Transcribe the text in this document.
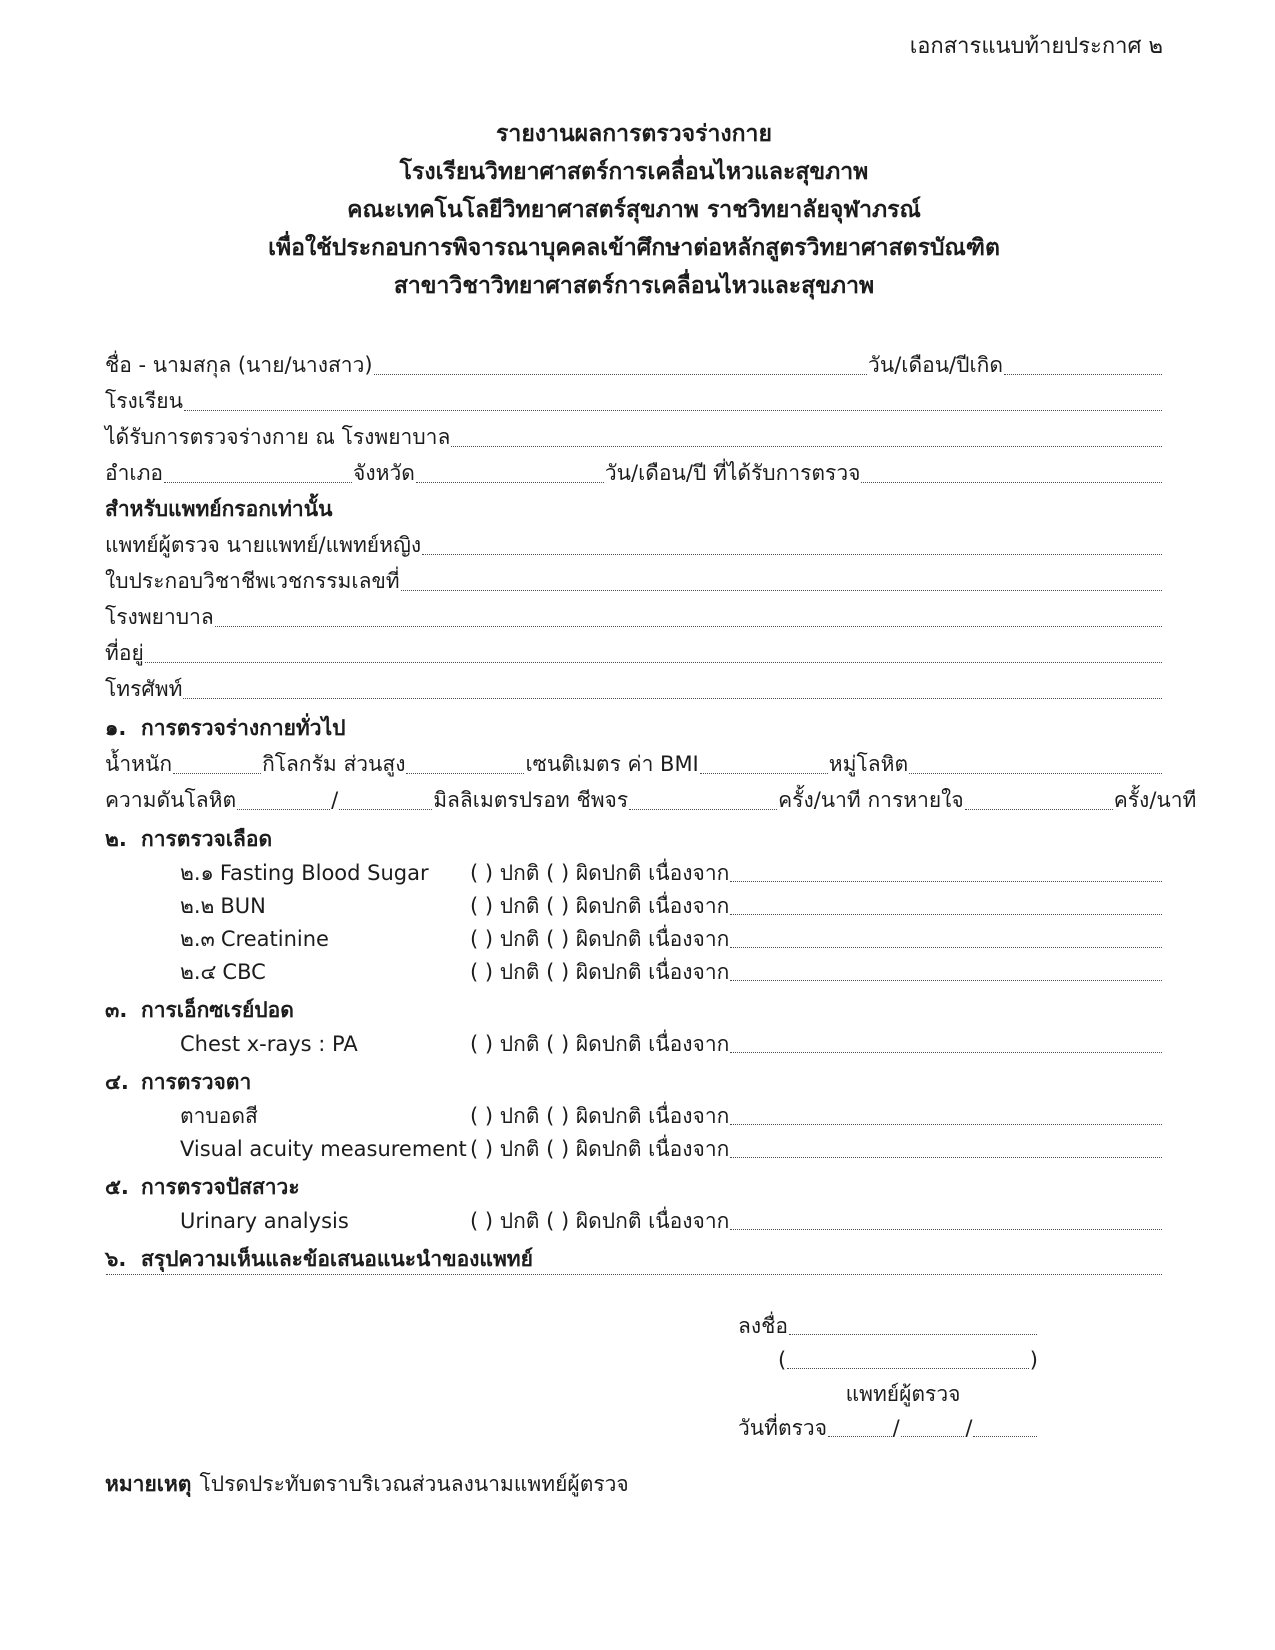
เอกสารแนบท้ายประกาศ ๒
รายงานผลการตรวจร่างกาย
โรงเรียนวิทยาศาสตร์การเคลื่อนไหวและสุขภาพ
คณะเทคโนโลยีวิทยาศาสตร์สุขภาพ ราชวิทยาลัยจุฬาภรณ์
เพื่อใช้ประกอบการพิจารณาบุคคลเข้าศึกษาต่อหลักสูตรวิทยาศาสตรบัณฑิต
สาขาวิชาวิทยาศาสตร์การเคลื่อนไหวและสุขภาพ
ชื่อ - นามสกุล (นาย/นางสาว)	วัน/เดือน/ปีเกิด
โรงเรียน
ได้รับการตรวจร่างกาย ณ โรงพยาบาล
อำเภอ	จังหวัด	วัน/เดือน/ปี ที่ได้รับการตรวจ
สำหรับแพทย์กรอกเท่านั้น
แพทย์ผู้ตรวจ นายแพทย์/แพทย์หญิง
ใบประกอบวิชาชีพเวชกรรมเลขที่
โรงพยาบาล
ที่อยู่
โทรศัพท์
๑. การตรวจร่างกายทั่วไป
น้ำหนัก	กิโลกรัม ส่วนสูง	เซนติเมตร ค่า BMI	หมู่โลหิต
ความดันโลหิต	/	มิลลิเมตรปรอท ชีพจร	ครั้ง/นาที การหายใจ	ครั้ง/นาที
๒. การตรวจเลือด
๒.๑ Fasting Blood Sugar	( ) ปกติ ( ) ผิดปกติ เนื่องจาก
๒.๒ BUN	( ) ปกติ ( ) ผิดปกติ เนื่องจาก
๒.๓ Creatinine	( ) ปกติ ( ) ผิดปกติ เนื่องจาก
๒.๔ CBC	( ) ปกติ ( ) ผิดปกติ เนื่องจาก
๓. การเอ็กซเรย์ปอด
Chest x-rays : PA	( ) ปกติ ( ) ผิดปกติ เนื่องจาก
๔. การตรวจตา
ตาบอดสี	( ) ปกติ ( ) ผิดปกติ เนื่องจาก
Visual acuity measurement ( ) ปกติ ( ) ผิดปกติ เนื่องจาก
๕. การตรวจปัสสาวะ
Urinary analysis	( ) ปกติ ( ) ผิดปกติ เนื่องจาก
๖. สรุปความเห็นและข้อเสนอแนะนำของแพทย์
ลงชื่อ
(	)
แพทย์ผู้ตรวจ
วันที่ตรวจ	/	/
หมายเหตุ โปรดประทับตราบริเวณส่วนลงนามแพทย์ผู้ตรวจ
